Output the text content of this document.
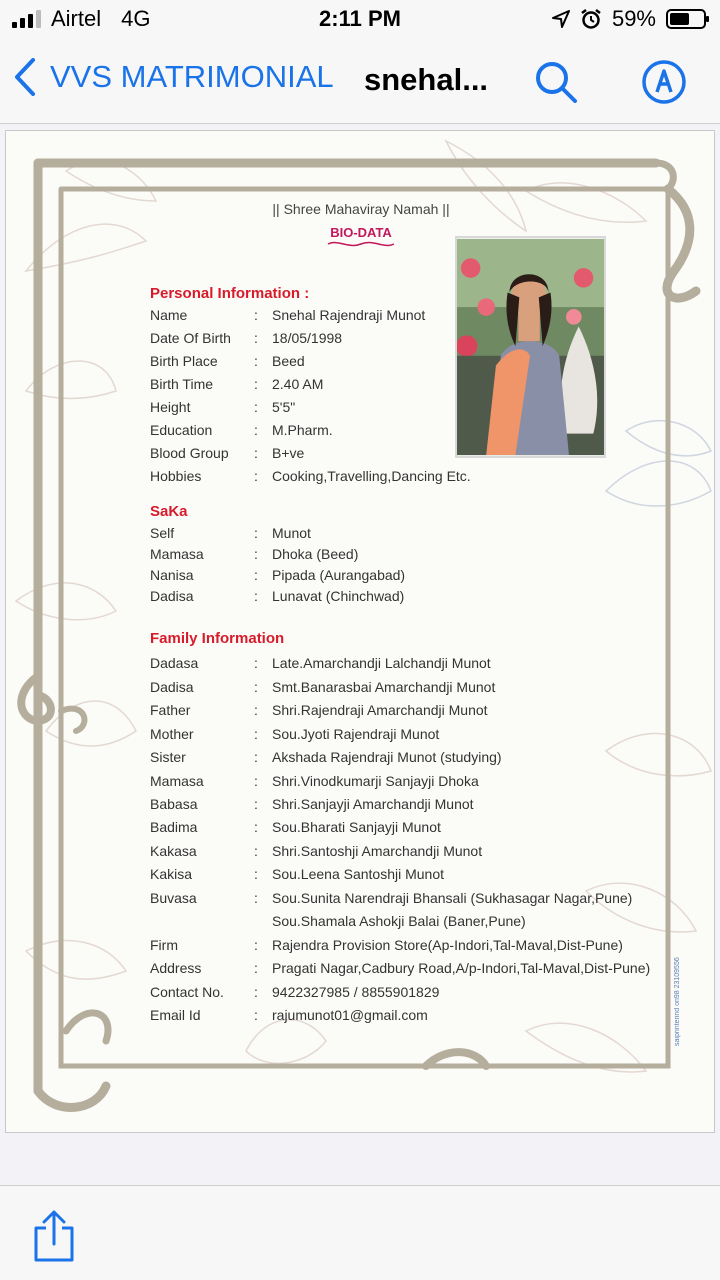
Airtel 4G	2:11 PM	59%
VVS MATRIMONIAL snehal...
|| Shree Mahaviray Namah ||
BIO-DATA
Personal Information :
SaKa
Family Information
saiprinterind ori98 23109556
Name	: Snehal Rajendraji Munot
Date Of Birth : 18/05/1998
Birth Place	: Beed
Birth Time	: 2.40 AM
Height	: 5'5"
Education	: M.Pharm.
Blood Group : B+ve
Hobbies	: Cooking,Travelling,Dancing Etc.
Self	: Munot
Mamasa	: Dhoka (Beed)
Nanisa	: Pipada (Aurangabad)
Dadisa	: Lunavat (Chinchwad)
Dadasa	: Late.Amarchandji Lalchandji Munot
Dadisa	: Smt.Banarasbai Amarchandji Munot
Father	: Shri.Rajendraji Amarchandji Munot
Mother	: Sou.Jyoti Rajendraji Munot
Sister	: Akshada Rajendraji Munot (studying)
Mamasa	: Shri.Vinodkumarji Sanjayji Dhoka
Babasa	: Shri.Sanjayji Amarchandji Munot
Badima	: Sou.Bharati Sanjayji Munot
Kakasa	: Shri.Santoshji Amarchandji Munot
Kakisa	: Sou.Leena Santoshji Munot
Buvasa	: Sou.Sunita Narendraji Bhansali (Sukhasagar Nagar,Pune)
Sou.Shamala Ashokji Balai (Baner,Pune)
Firm	: Rajendra Provision Store(Ap-Indori,Tal-Maval,Dist-Pune)
Address	: Pragati Nagar,Cadbury Road,A/p-Indori,Tal-Maval,Dist-Pune)
Contact No. : 9422327985 / 8855901829
Email Id	: rajumunot01@gmail.com
